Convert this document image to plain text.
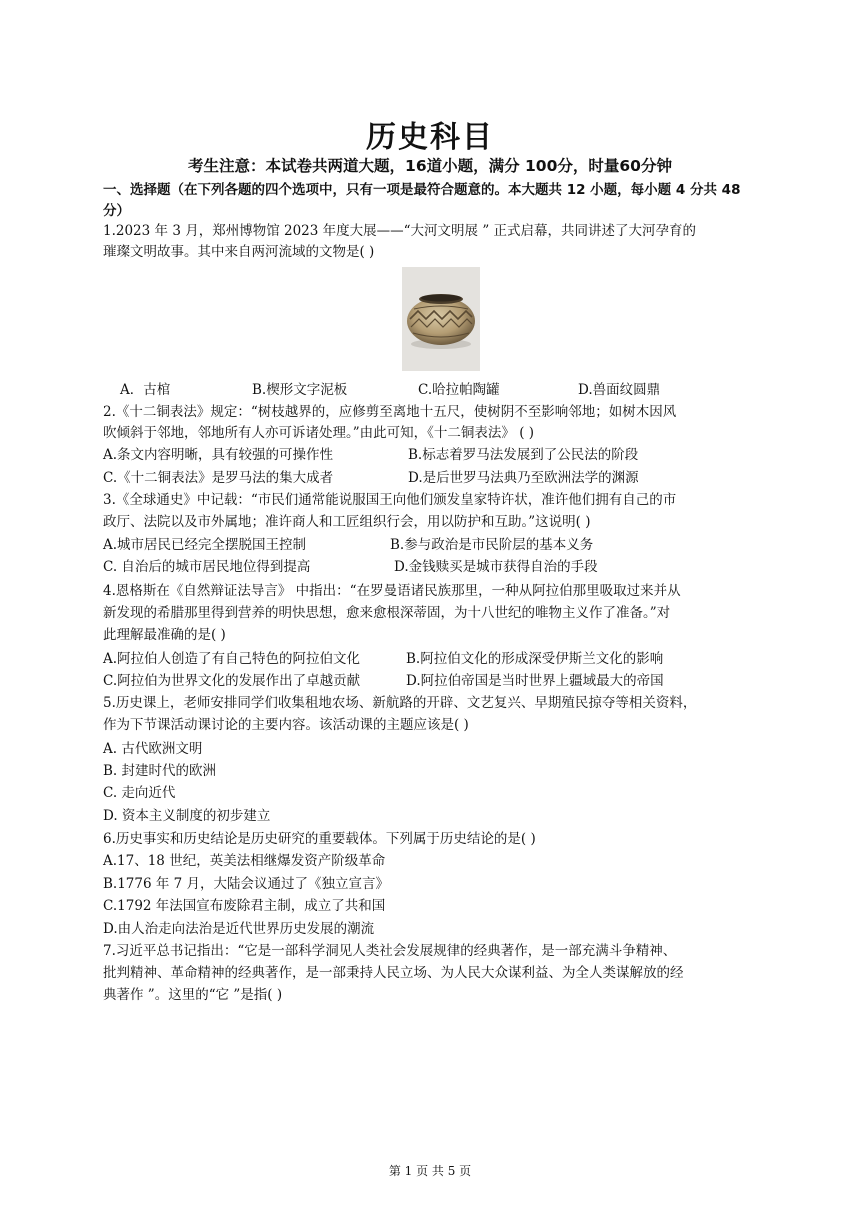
历史科目
考生注意：本试卷共两道大题，16道小题，满分 100分，时量60分钟
一、选择题（在下列各题的四个选项中，只有一项是最符合题意的。本大题共 12 小题，每小题 4 分共 48 分）
1.2023 年 3 月，郑州博物馆 2023 年度大展——“大河文明展 ” 正式启幕，共同讲述了大河孕育的
璀璨文明故事。其中来自两河流域的文物是( )
A．古棺	B.楔形文字泥板	C.哈拉帕陶罐	D.兽面纹圆鼎
2.《十二铜表法》规定：“树枝越界的，应修剪至离地十五尺，使树阴不至影响邻地；如树木因风
吹倾斜于邻地，邻地所有人亦可诉诸处理。”由此可知，《十二铜表法》 ( )
A.条文内容明晰，具有较强的可操作性	B.标志着罗马法发展到了公民法的阶段
C.《十二铜表法》是罗马法的集大成者	D.是后世罗马法典乃至欧洲法学的渊源
3.《全球通史》中记载：“市民们通常能说服国王向他们颁发皇家特许状，准许他们拥有自己的市
政厅、法院以及市外属地；准许商人和工匠组织行会，用以防护和互助。”这说明( )
A.城市居民已经完全摆脱国王控制	B.参与政治是市民阶层的基本义务
C. 自治后的城市居民地位得到提高	D.金钱赎买是城市获得自治的手段
4.恩格斯在《自然辩证法导言》 中指出：“在罗曼语诸民族那里，一种从阿拉伯那里吸取过来并从
新发现的希腊那里得到营养的明快思想，愈来愈根深蒂固，为十八世纪的唯物主义作了准备。”对
此理解最准确的是( )
A.阿拉伯人创造了有自己特色的阿拉伯文化	B.阿拉伯文化的形成深受伊斯兰文化的影响
C.阿拉伯为世界文化的发展作出了卓越贡献	D.阿拉伯帝国是当时世界上疆域最大的帝国
5.历史课上，老师安排同学们收集租地农场、新航路的开辟、文艺复兴、早期殖民掠夺等相关资料，
作为下节课活动课讨论的主要内容。该活动课的主题应该是( )
A. 古代欧洲文明
B. 封建时代的欧洲
C. 走向近代
D. 资本主义制度的初步建立
6.历史事实和历史结论是历史研究的重要载体。下列属于历史结论的是( )
A.17、18 世纪，英美法相继爆发资产阶级革命
B.1776 年 7 月，大陆会议通过了《独立宣言》
C.1792 年法国宣布废除君主制，成立了共和国
D.由人治走向法治是近代世界历史发展的潮流
7.习近平总书记指出：“它是一部科学洞见人类社会发展规律的经典著作，是一部充满斗争精神、
批判精神、革命精神的经典著作，是一部秉持人民立场、为人民大众谋利益、为全人类谋解放的经
典著作 ”。这里的“它 ”是指( )
第 1 页 共 5 页
